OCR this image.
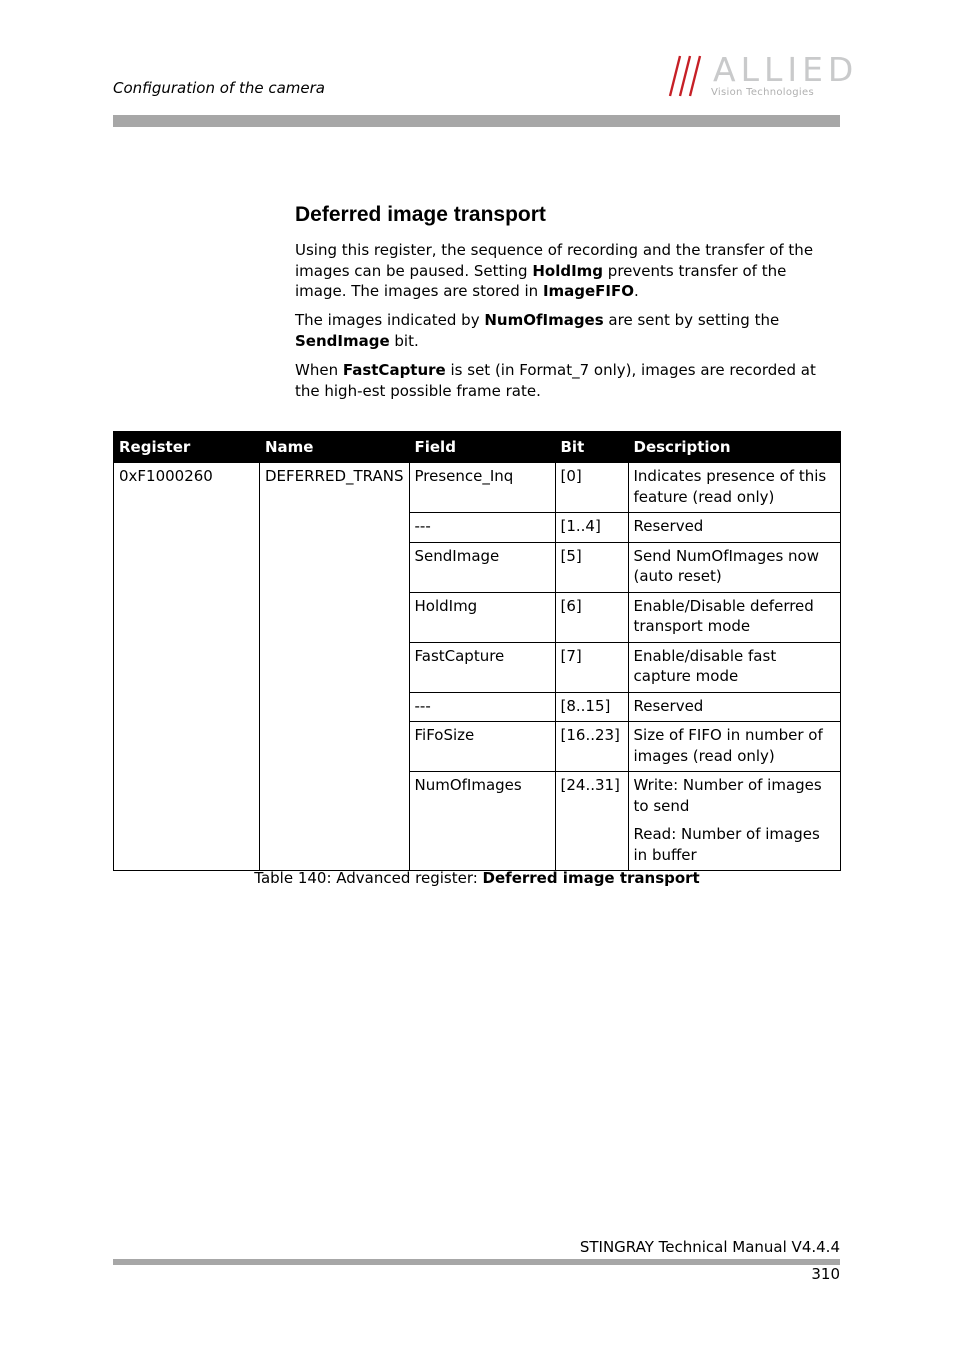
Configuration of the camera	ALLIED
Vision Technologies
Deferred image transport

Using this register, the sequence of recording and the transfer of the images can be paused. Setting HoldImg prevents transfer of the image. The images are stored in ImageFIFO.

The images indicated by NumOfImages are sent by setting the SendImage bit.

When FastCapture is set (in Format_7 only), images are recorded at the high-est possible frame rate.

Register	Name	Field	Bit	Description
0xF1000260	DEFERRED_TRANS	Presence_Inq	[0]	Indicates presence of this feature (read only)
		---	[1..4]	Reserved
		SendImage	[5]	Send NumOfImages now (auto reset)
		HoldImg	[6]	Enable/Disable deferred transport mode
		FastCapture	[7]	Enable/disable fast capture mode
		---	[8..15]	Reserved
		FiFoSize	[16..23]	Size of FIFO in number of images (read only)
		NumOfImages	[24..31]	Write: Number of images to send
Read: Number of images in buffer
Table 140: Advanced register: Deferred image transport
STINGRAY Technical Manual V4.4.4
310
